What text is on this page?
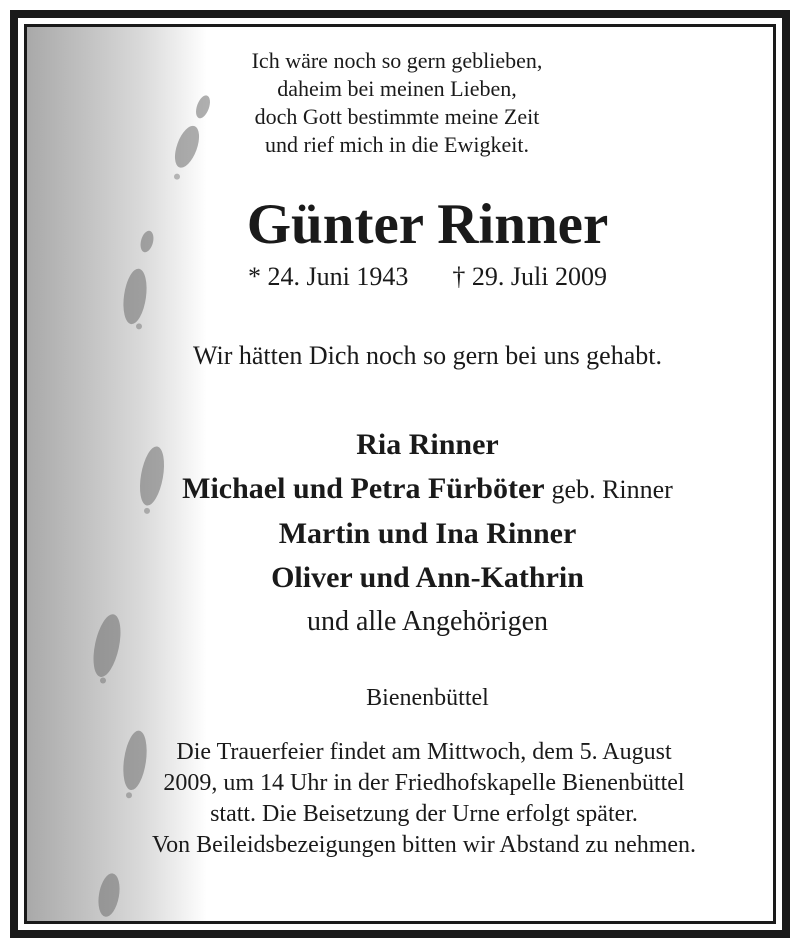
Ich wäre noch so gern geblieben,
daheim bei meinen Lieben,
doch Gott bestimmte meine Zeit
und rief mich in die Ewigkeit.
Günter Rinner
* 24. Juni 1943 † 29. Juli 2009
Wir hätten Dich noch so gern bei uns gehabt.
Ria Rinner
Michael und Petra Fürböter geb. Rinner
Martin und Ina Rinner
Oliver und Ann-Kathrin
und alle Angehörigen
Bienenbüttel
Die Trauerfeier findet am Mittwoch, dem 5. August
2009, um 14 Uhr in der Friedhofskapelle Bienenbüttel
statt. Die Beisetzung der Urne erfolgt später.
Von Beileidsbezeigungen bitten wir Abstand zu nehmen.
